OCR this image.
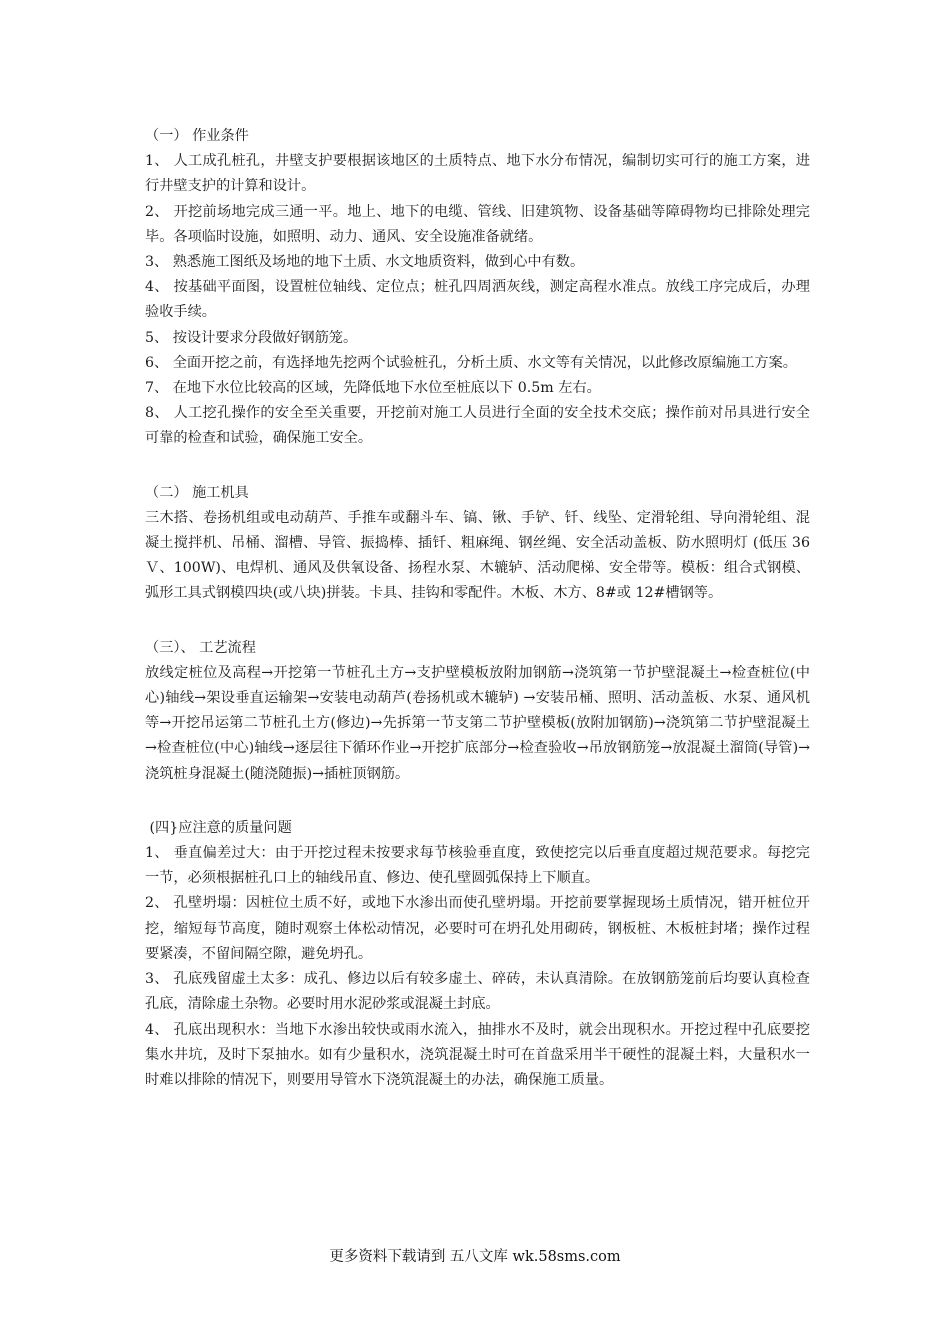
（一） 作业条件

1、 人工成孔桩孔，井壁支护要根据该地区的土质特点、地下水分布情况，编制切实可行的施工方案，进行井壁支护的计算和设计。

2、 开挖前场地完成三通一平。地上、地下的电缆、管线、旧建筑物、设备基础等障碍物均已排除处理完毕。各项临时设施，如照明、动力、通风、安全设施准备就绪。

3、 熟悉施工图纸及场地的地下土质、水文地质资料，做到心中有数。

4、 按基础平面图，设置桩位轴线、定位点；桩孔四周洒灰线，测定高程水准点。放线工序完成后，办理验收手续。

5、 按设计要求分段做好钢筋笼。

6、 全面开挖之前，有选择地先挖两个试验桩孔，分析土质、水文等有关情况，以此修改原编施工方案。

7、 在地下水位比较高的区域，先降低地下水位至桩底以下 0.5m 左右。

8、 人工挖孔操作的安全至关重要，开挖前对施工人员进行全面的安全技术交底；操作前对吊具进行安全可靠的检查和试验，确保施工安全。

（二） 施工机具

三木搭、卷扬机组或电动葫芦、手推车或翻斗车、镐、锹、手铲、钎、线坠、定滑轮组、导向滑轮组、混凝土搅拌机、吊桶、溜槽、导管、振捣棒、插钎、粗麻绳、钢丝绳、安全活动盖板、防水照明灯 (低压 36Ｖ、100W)、电焊机、通风及供氧设备、扬程水泵、木辘轳、活动爬梯、安全带等。模板：组合式钢模、弧形工具式钢模四块(或八块)拼装。卡具、挂钩和零配件。木板、木方、8#或 12#槽钢等。

（三）、 工艺流程

放线定桩位及高程→开挖第一节桩孔土方→支护壁模板放附加钢筋→浇筑第一节护壁混凝土→检查桩位(中心)轴线→架设垂直运输架→安装电动葫芦(卷扬机或木辘轳) →安装吊桶、照明、活动盖板、水泵、通风机等→开挖吊运第二节桩孔土方(修边)→先拆第一节支第二节护壁模板(放附加钢筋)→浇筑第二节护壁混凝土→检查桩位(中心)轴线→逐层往下循环作业→开挖扩底部分→检查验收→吊放钢筋笼→放混凝土溜筒(导管)→浇筑桩身混凝土(随浇随振)→插桩顶钢筋。

(四}应注意的质量问题

1、 垂直偏差过大：由于开挖过程未按要求每节核验垂直度，致使挖完以后垂直度超过规范要求。每挖完一节，必须根据桩孔口上的轴线吊直、修边、使孔壁圆弧保持上下顺直。

2、 孔壁坍塌：因桩位土质不好，或地下水渗出而使孔壁坍塌。开挖前要掌握现场土质情况，错开桩位开挖，缩短每节高度，随时观察土体松动情况，必要时可在坍孔处用砌砖，钢板桩、木板桩封堵；操作过程要紧凑，不留间隔空隙，避免坍孔。

3、 孔底残留虚土太多：成孔、修边以后有较多虚土、碎砖，未认真清除。在放钢筋笼前后均要认真检查孔底，清除虚土杂物。必要时用水泥砂浆或混凝土封底。

4、 孔底出现积水：当地下水渗出较快或雨水流入，抽排水不及时，就会出现积水。开挖过程中孔底要挖集水井坑，及时下泵抽水。如有少量积水，浇筑混凝土时可在首盘采用半干硬性的混凝土料，大量积水一时难以排除的情况下，则要用导管水下浇筑混凝土的办法，确保施工质量。

更多资料下载请到 五八文库 wk.58sms.com
